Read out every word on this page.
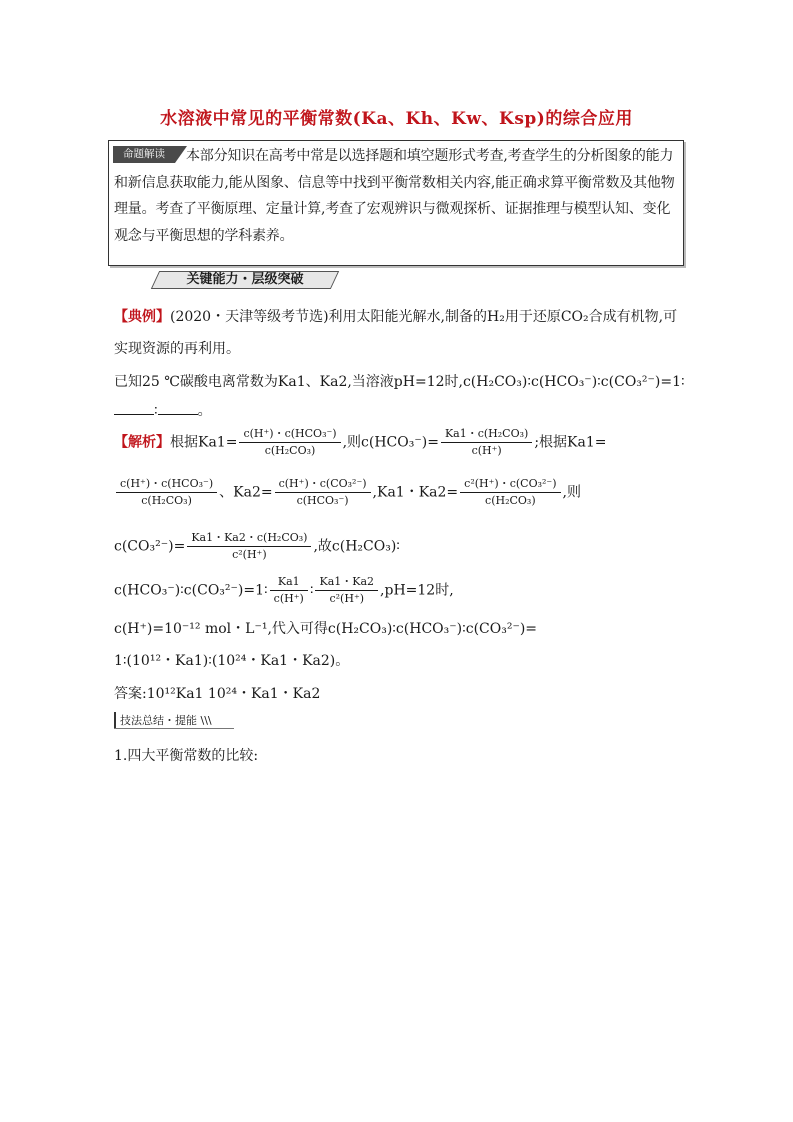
水溶液中常见的平衡常数(Ka、Kh、Kw、Ksp)的综合应用
命题解读	本部分知识在高考中常是以选择题和填空题形式考查,考查学生的分析图象的能力和新信息获取能力,能从图象、信息等中找到平衡常数相关内容,能正确求算平衡常数及其他物理量。考查了平衡原理、定量计算,考查了宏观辨识与微观探析、证据推理与模型认知、变化观念与平衡思想的学科素养。
关键能力・层级突破
【典例】(2020・天津等级考节选)利用太阳能光解水,制备的H₂用于还原CO₂合成有机物,可
实现资源的再利用。
已知25 ℃碳酸电离常数为Ka1、Ka2,当溶液pH=12时,c(H₂CO₃)∶c(HCO₃⁻)∶c(CO₃²⁻)=1∶
∶	。
【解析】根据$Ka1= \frac{\text{c(H⁺)・c(HCO₃⁻)}}{\text{c(H₂CO₃)}}$ ,则$c(HCO_3^-)= \frac{\text{Ka1・c(H₂CO₃)}}{c(H^+)}$ ;根据Ka1=
$\frac{\text{c(H⁺)・c(HCO₃⁻)}}{\text{c(H₂CO₃)}}$ 、$Ka2= \frac{\text{c(H⁺)・c(CO₃²⁻)}}{\text{c(HCO₃⁻)}} ,Ka1$・$Ka2= \frac{\text{c²(H⁺)・c(CO₃²⁻)}}{\text{c(H₂CO₃)}}$ ,则
$c(CO_3^{2-})= \frac{\text{Ka1・Ka2・c(H₂CO₃)}}{\text{c²(H⁺)}}$ ,故c(H₂CO₃)∶
c(HCO₃⁻)∶c(CO₃²⁻)=1∶ $\frac{Ka1}{c(H^+)}$ ∶ $\frac{Ka1・Ka2}{\text{c²(H⁺)}} ,pH=12$时,
c(H⁺)=10⁻¹² mol・L⁻¹,代入可得c(H₂CO₃)∶c(HCO₃⁻)∶c(CO₃²⁻)=
1∶(10¹²・Ka1)∶(10²⁴・Ka1・Ka2)。
答案:10¹²Ka1 10²⁴・Ka1・Ka2
技法总结・提能 \\\
1.四大平衡常数的比较:
